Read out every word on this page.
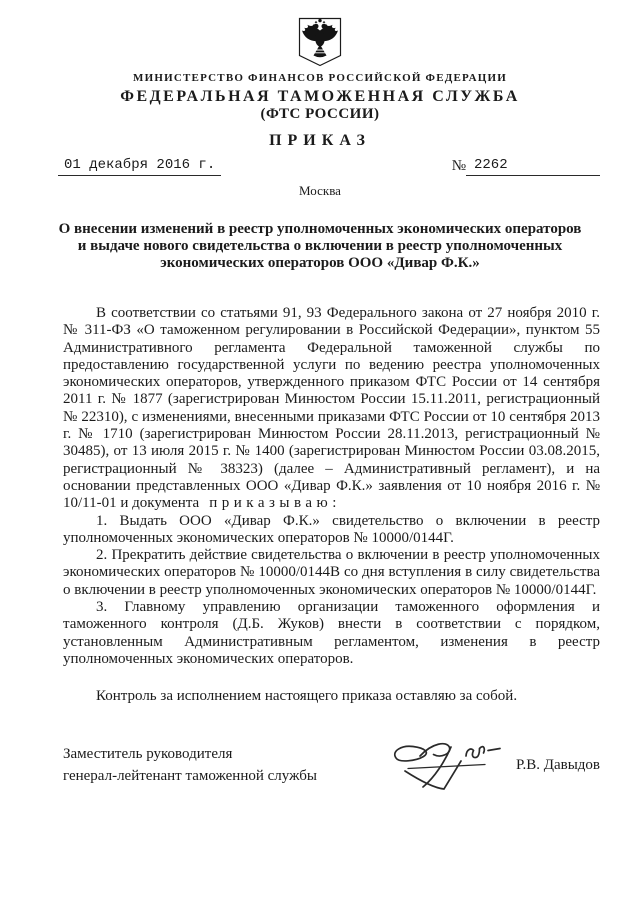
МИНИСТЕРСТВО ФИНАНСОВ РОССИЙСКОЙ ФЕДЕРАЦИИ
ФЕДЕРАЛЬНАЯ ТАМОЖЕННАЯ СЛУЖБА
(ФТС РОССИИ)
ПРИКАЗ
01 декабря 2016 г.	№ 2262
Москва
О внесении изменений в реестр уполномоченных экономических операторов
и выдаче нового свидетельства о включении в реестр уполномоченных
экономических операторов ООО «Дивар Ф.К.»

В соответствии со статьями 91, 93 Федерального закона от 27 ноября 2010 г. № 311-ФЗ «О таможенном регулировании в Российской Федерации», пунктом 55 Административного регламента Федеральной таможенной службы по предоставлению государственной услуги по ведению реестра уполномоченных экономических операторов, утвержденного приказом ФТС России от 14 сентября 2011 г. № 1877 (зарегистрирован Минюстом России 15.11.2011, регистрационный № 22310), с изменениями, внесенными приказами ФТС России от 10 сентября 2013 г. № 1710 (зарегистрирован Минюстом России 28.11.2013, регистрационный № 30485), от 13 июля 2015 г. № 1400 (зарегистрирован Минюстом России 03.08.2015, регистрационный № 38323) (далее – Административный регламент), и на основании представленных ООО «Дивар Ф.К.» заявления от 10 ноября 2016 г. № 10/11-01 и документа приказываю:

1. Выдать ООО «Дивар Ф.К.» свидетельство о включении в реестр уполномоченных экономических операторов № 10000/0144Г.

2. Прекратить действие свидетельства о включении в реестр уполномоченных экономических операторов № 10000/0144В со дня вступления в силу свидетельства о включении в реестр уполномоченных экономических операторов № 10000/0144Г.

3. Главному управлению организации таможенного оформления и таможенного контроля (Д.Б. Жуков) внести в соответствии с порядком, установленным Административным регламентом, изменения в реестр уполномоченных экономических операторов.

Контроль за исполнением настоящего приказа оставляю за собой.
Заместитель руководителя
генерал-лейтенант таможенной службы
Р.В. Давыдов
